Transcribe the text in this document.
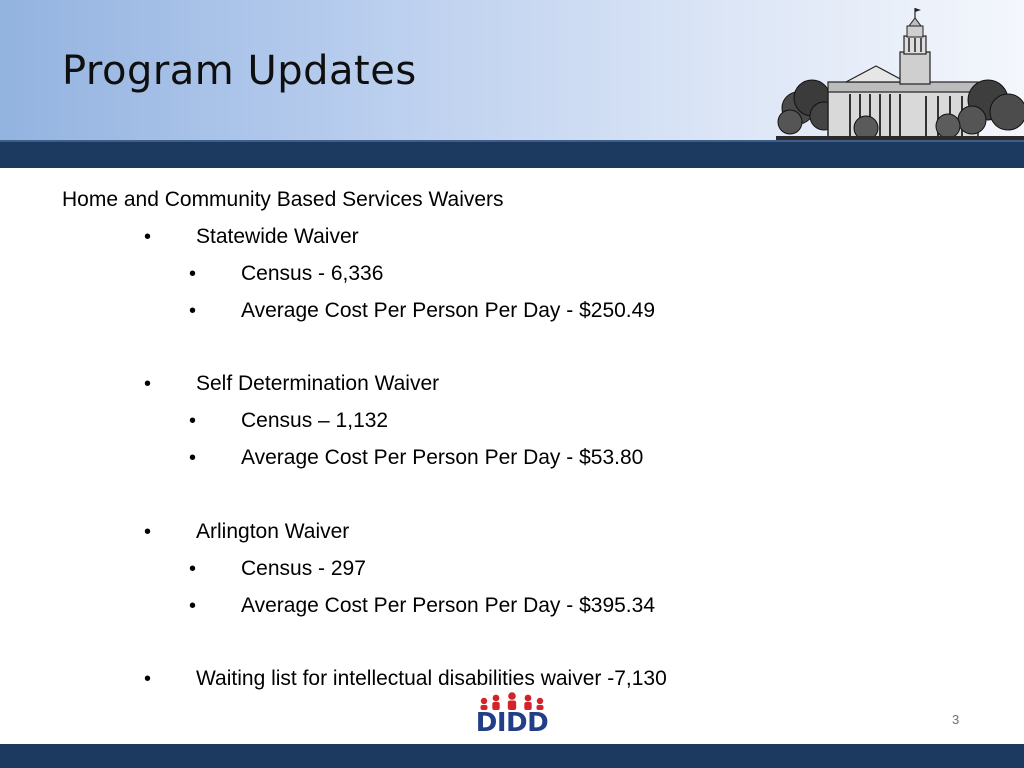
Program Updates
Home and Community Based Services Waivers
• Statewide Waiver
• Census - 6,336
• Average Cost Per Person Per Day - $250.49
• Self Determination Waiver
• Census – 1,132
• Average Cost Per Person Per Day - $53.80
• Arlington Waiver
• Census - 297
• Average Cost Per Person Per Day - $395.34
• Waiting list for intellectual disabilities waiver -7,130
DIDD	3
